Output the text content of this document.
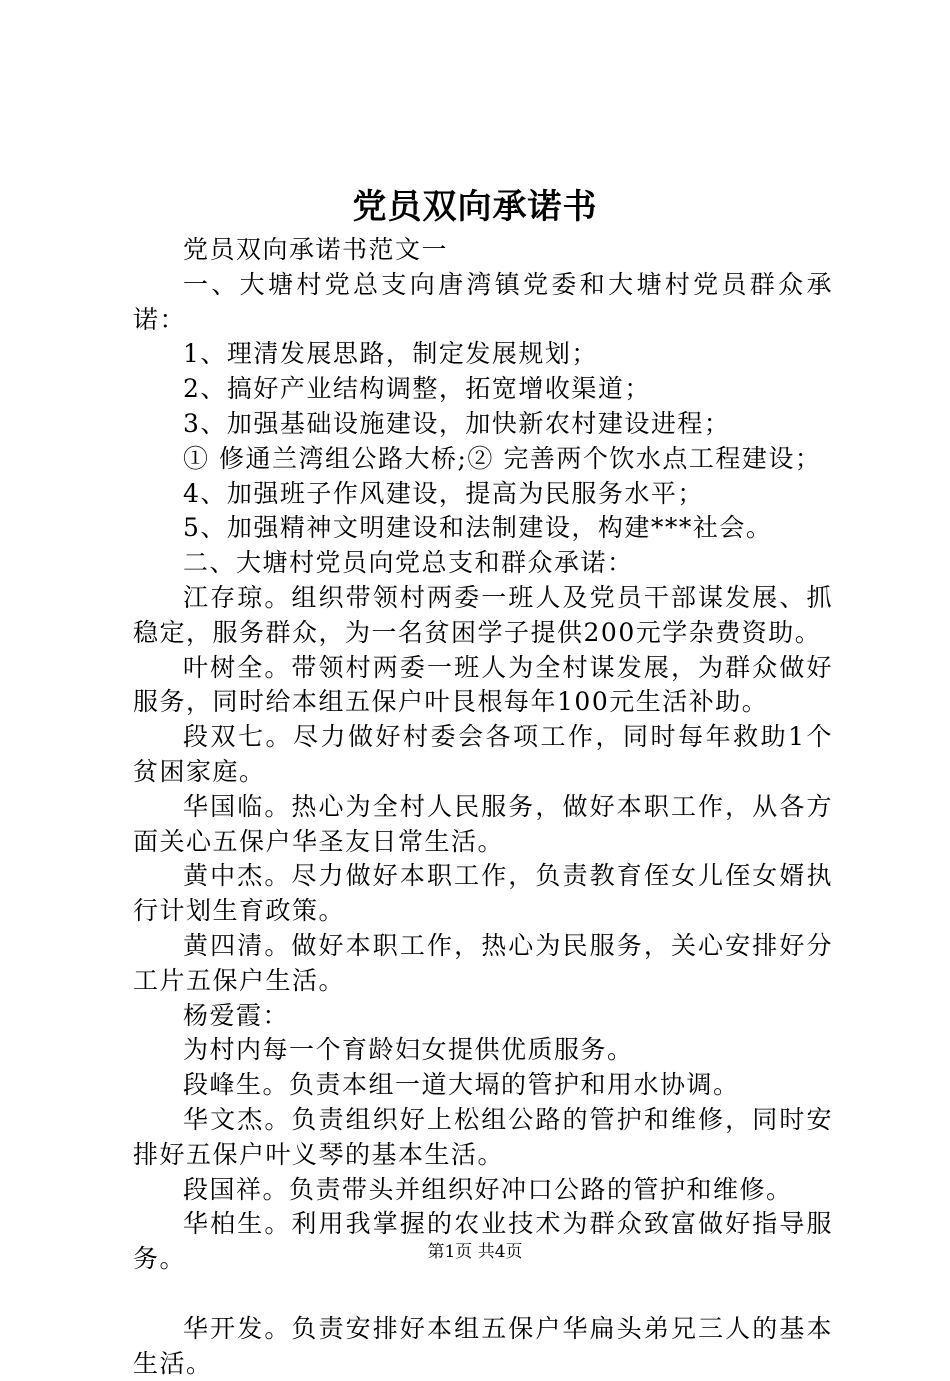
党员双向承诺书

党员双向承诺书范文一

一、大塘村党总支向唐湾镇党委和大塘村党员群众承诺：

1、理清发展思路，制定发展规划；

2、搞好产业结构调整，拓宽增收渠道；

3、加强基础设施建设，加快新农村建设进程；

① 修通兰湾组公路大桥;② 完善两个饮水点工程建设；

4、加强班子作风建设，提高为民服务水平；

5、加强精神文明建设和法制建设，构建***社会。

二、大塘村党员向党总支和群众承诺：

江存琼。组织带领村两委一班人及党员干部谋发展、抓稳定，服务群众，为一名贫困学子提供200元学杂费资助。

叶树全。带领村两委一班人为全村谋发展，为群众做好服务，同时给本组五保户叶艮根每年100元生活补助。

段双七。尽力做好村委会各项工作，同时每年救助1个贫困家庭。

华国临。热心为全村人民服务，做好本职工作，从各方面关心五保户华圣友日常生活。

黄中杰。尽力做好本职工作，负责教育侄女儿侄女婿执行计划生育政策。

黄四清。做好本职工作，热心为民服务，关心安排好分工片五保户生活。

杨爱霞：

为村内每一个育龄妇女提供优质服务。

段峰生。负责本组一道大塥的管护和用水协调。

华文杰。负责组织好上松组公路的管护和维修，同时安排好五保户叶义琴的基本生活。

段国祥。负责带头并组织好冲口公路的管护和维修。

华柏生。利用我掌握的农业技术为群众致富做好指导服务。

华开发。负责安排好本组五保户华扁头弟兄三人的基本生活。

第1页 共4页
